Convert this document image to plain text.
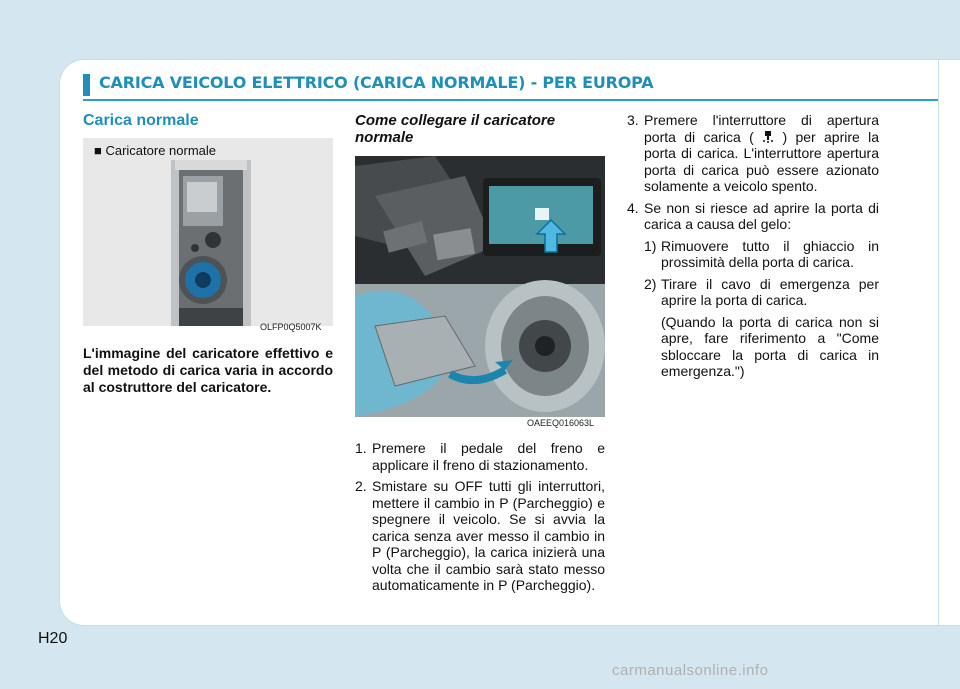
CARICA VEICOLO ELETTRICO (CARICA NORMALE) - PER EUROPA
Carica normale
■ Caricatore normale
OLFP0Q5007K
L'immagine del caricatore effettivo e del metodo di carica varia in accordo al costruttore del caricatore.
Come collegare il caricatore normale
OAEEQ016063L
1. Premere il pedale del freno e applicare il freno di stazionamento.
2. Smistare su OFF tutti gli interruttori, mettere il cambio in P (Parcheggio) e spegnere il veicolo. Se si avvia la carica senza aver messo il cambio in P (Parcheggio), la carica inizierà una volta che il cambio sarà stato messo automaticamente in P (Parcheggio).
3. Premere l'interruttore di apertura porta di carica ( ) per aprire la porta di carica. L'interruttore apertura porta di carica può essere azionato solamente a veicolo spento.
4. Se non si riesce ad aprire la porta di carica a causa del gelo:
1) Rimuovere tutto il ghiaccio in prossimità della porta di carica.
2) Tirare il cavo di emergenza per aprire la porta di carica.
(Quando la porta di carica non si apre, fare riferimento a "Come sbloccare la porta di carica in emergenza.")
H20
carmanualsonline.info
